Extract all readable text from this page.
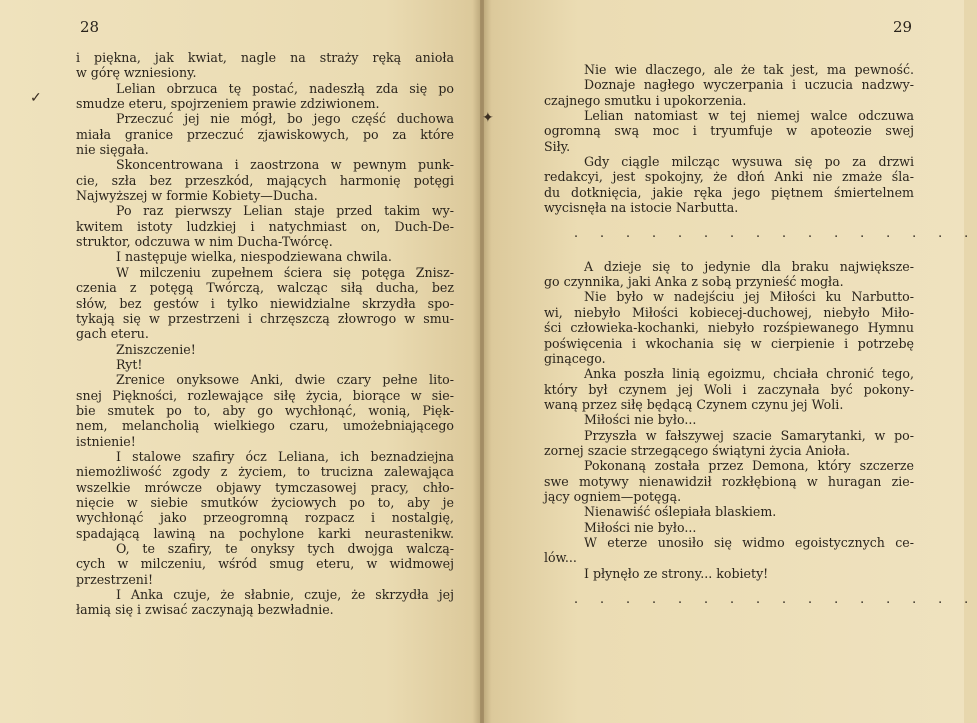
28
✓
i piękna, jak kwiat, nagle na straży ręką anioła
w górę wzniesiony.
Lelian obrzuca tę postać, nadeszłą zda się po
smudze eteru, spojrzeniem prawie zdziwionem.
Przeczuć jej nie mógł, bo jego część duchowa
miała granice przeczuć zjawiskowych, po za które
nie sięgała.
Skoncentrowana i zaostrzona w pewnym punk-
cie, szła bez przeszkód, mających harmonię potęgi
Najwyższej w formie Kobiety—Ducha.
Po raz pierwszy Lelian staje przed takim wy-
kwitem istoty ludzkiej i natychmiast on, Duch-De-
struktor, odczuwa w nim Ducha-Twórcę.
I następuje wielka, niespodziewana chwila.
W milczeniu zupełnem ściera się potęga Znisz-
czenia z potęgą Twórczą, walcząc siłą ducha, bez
słów, bez gestów i tylko niewidzialne skrzydła spo-
tykają się w przestrzeni i chrzęszczą złowrogo w smu-
gach eteru.
Zniszczenie!
Ryt!
Zrenice onyksowe Anki, dwie czary pełne lito-
snej Piękności, rozlewające siłę życia, biorące w sie-
bie smutek po to, aby go wychłonąć, wonią, Pięk-
nem, melancholią wielkiego czaru, umożebniającego
istnienie!
I stalowe szafiry ócz Leliana, ich beznadziejna
niemożliwość zgody z życiem, to trucizna zalewająca
wszelkie mrówcze objawy tymczasowej pracy, chło-
nięcie w siebie smutków życiowych po to, aby je
wychłonąć jako przeogromną rozpacz i nostalgię,
spadającą lawiną na pochylone karki neurastenikw.
O, te szafiry, te onyksy tych dwojga walczą-
cych w milczeniu, wśród smug eteru, w widmowej
przestrzeni!
I Anka czuje, że słabnie, czuje, że skrzydła jej
łamią się i zwisać zaczynają bezwładnie.
29
✦
Nie wie dlaczego, ale że tak jest, ma pewność.
Doznaje nagłego wyczerpania i uczucia nadzwy-
czajnego smutku i upokorzenia.
Lelian natomiast w tej niemej walce odczuwa
ogromną swą moc i tryumfuje w apoteozie swej
Siły.
Gdy ciągle milcząc wysuwa się po za drzwi
redakcyi, jest spokojny, że dłoń Anki nie zmaże śla-
du dotknięcia, jakie ręka jego piętnem śmiertelnem
wycisnęła na istocie Narbutta.
. . . . . . . . . . . . . . . .
A dzieje się to jedynie dla braku największe-
go czynnika, jaki Anka z sobą przynieść mogła.
Nie było w nadejściu jej Miłości ku Narbutto-
wi, niebyło Miłości kobiecej-duchowej, niebyło Miło-
ści człowieka-kochanki, niebyło rozśpiewanego Hymnu
poświęcenia i wkochania się w cierpienie i potrzebę
ginącego.
Anka poszła linią egoizmu, chciała chronić tego,
który był czynem jej Woli i zaczynała być pokony-
waną przez siłę będącą Czynem czynu jej Woli.
Miłości nie było...
Przyszła w fałszywej szacie Samarytanki, w po-
zornej szacie strzegącego świątyni życia Anioła.
Pokonaną została przez Demona, który szczerze
swe motywy nienawidził rozkłębioną w huragan zie-
jący ogniem—potęgą.
Nienawiść oślepiała blaskiem.
Miłości nie było...
W eterze unosiło się widmo egoistycznych ce-
lów...
I płynęło ze strony... kobiety!
. . . . . . . . . . . . . . . .
